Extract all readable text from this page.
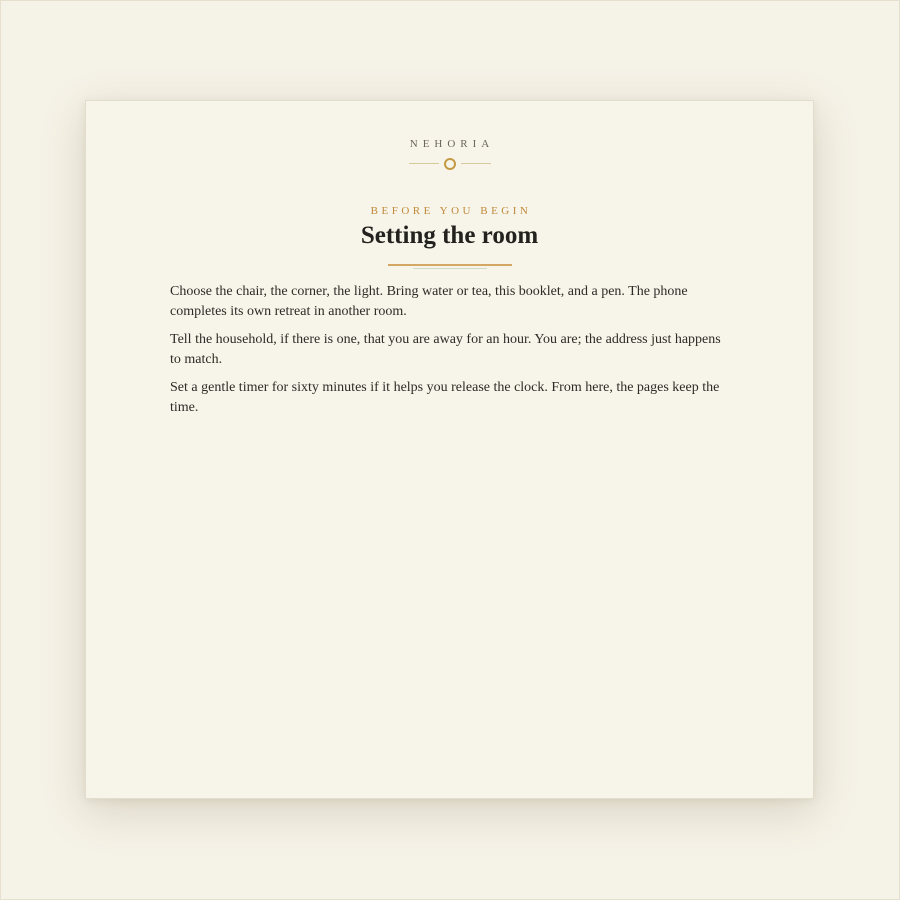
NEHORIA
BEFORE YOU BEGIN
Setting the room

Choose the chair, the corner, the light. Bring water or tea, this booklet, and a pen. The phone completes its own retreat in another room.

Tell the household, if there is one, that you are away for an hour. You are; the address just happens to match.

Set a gentle timer for sixty minutes if it helps you release the clock. From here, the pages keep the time.
